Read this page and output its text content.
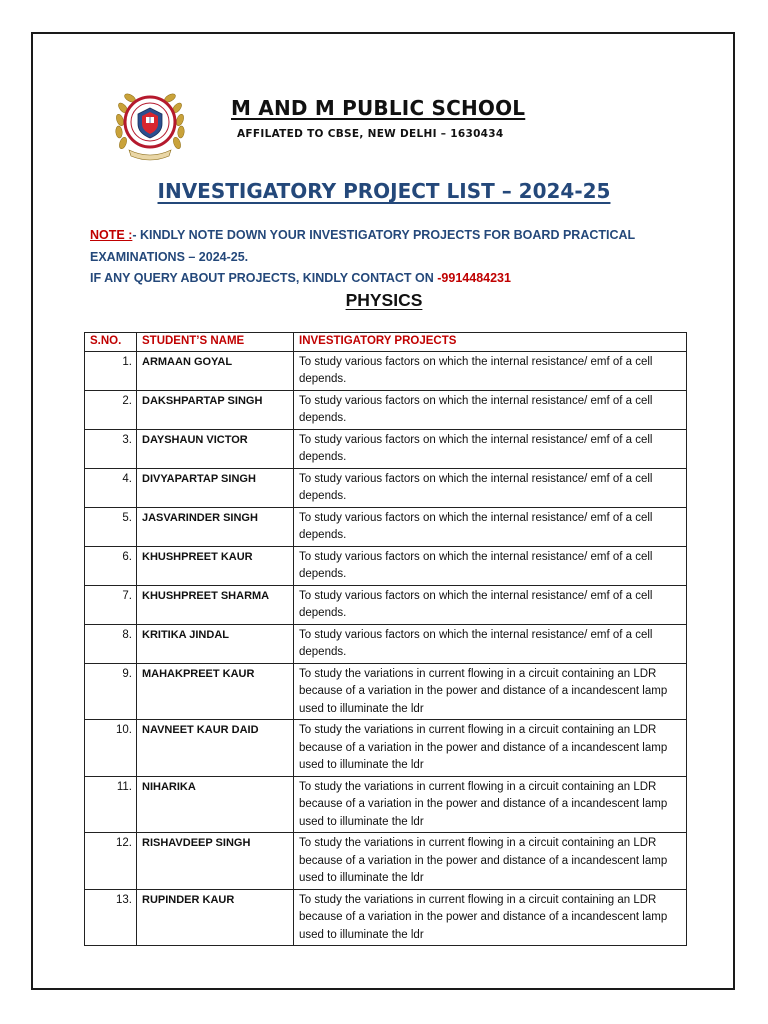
M AND M PUBLIC SCHOOL
AFFILATED TO CBSE, NEW DELHI – 1630434
INVESTIGATORY PROJECT LIST – 2024-25
NOTE :- KINDLY NOTE DOWN YOUR INVESTIGATORY PROJECTS FOR BOARD PRACTICAL EXAMINATIONS – 2024-25.
IF ANY QUERY ABOUT PROJECTS, KINDLY CONTACT ON -9914484231
PHYSICS
S.NO.	STUDENT’S NAME	INVESTIGATORY PROJECTS
1.	ARMAAN GOYAL	To study various factors on which the internal resistance/ emf of a cell depends.
2.	DAKSHPARTAP SINGH	To study various factors on which the internal resistance/ emf of a cell depends.
3.	DAYSHAUN VICTOR	To study various factors on which the internal resistance/ emf of a cell depends.
4.	DIVYAPARTAP SINGH	To study various factors on which the internal resistance/ emf of a cell depends.
5.	JASVARINDER SINGH	To study various factors on which the internal resistance/ emf of a cell depends.
6.	KHUSHPREET KAUR	To study various factors on which the internal resistance/ emf of a cell depends.
7.	KHUSHPREET SHARMA	To study various factors on which the internal resistance/ emf of a cell depends.
8.	KRITIKA JINDAL	To study various factors on which the internal resistance/ emf of a cell depends.
9.	MAHAKPREET KAUR	To study the variations in current flowing in a circuit containing an LDR because of a variation in the power and distance of a incandescent lamp used to illuminate the ldr
10.	NAVNEET KAUR DAID	To study the variations in current flowing in a circuit containing an LDR because of a variation in the power and distance of a incandescent lamp used to illuminate the ldr
11.	NIHARIKA	To study the variations in current flowing in a circuit containing an LDR because of a variation in the power and distance of a incandescent lamp used to illuminate the ldr
12.	RISHAVDEEP SINGH	To study the variations in current flowing in a circuit containing an LDR because of a variation in the power and distance of a incandescent lamp used to illuminate the ldr
13.	RUPINDER KAUR	To study the variations in current flowing in a circuit containing an LDR because of a variation in the power and distance of a incandescent lamp used to illuminate the ldr
